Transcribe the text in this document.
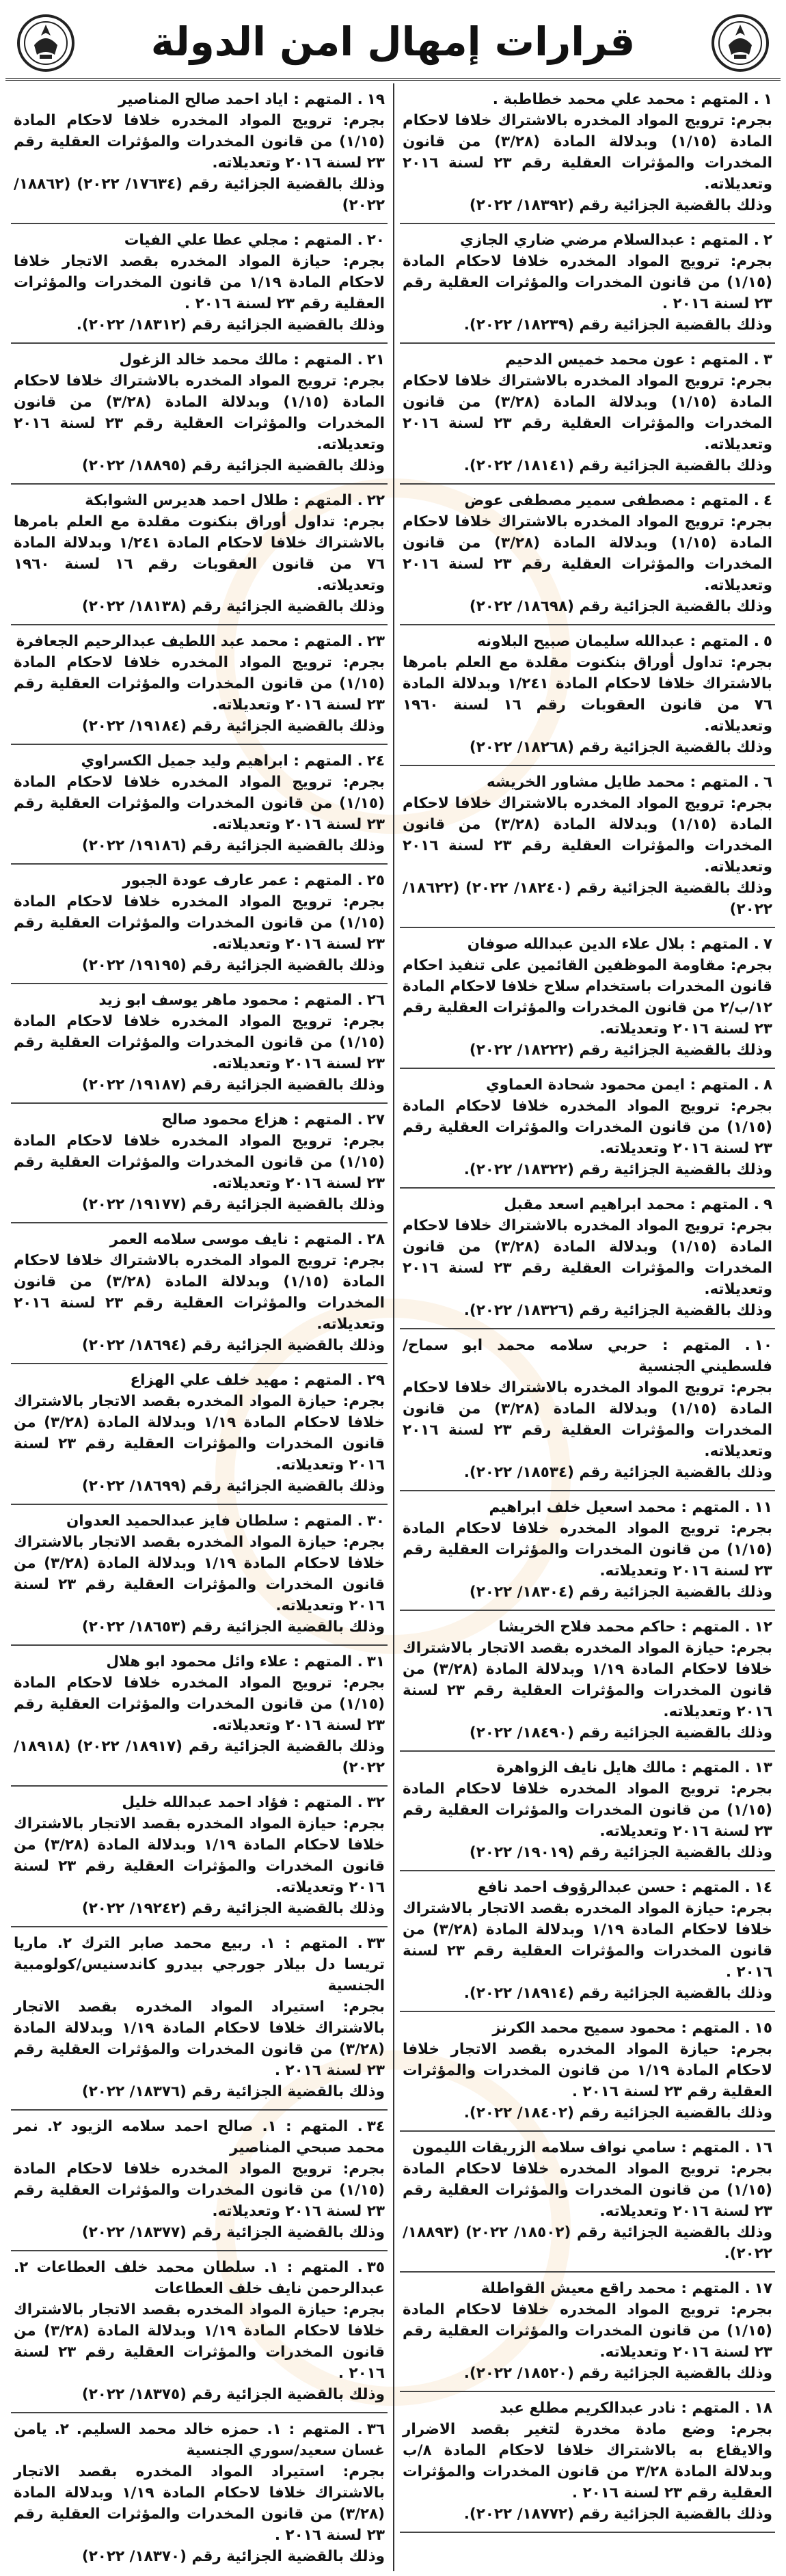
قرارات إمهال امن الدولة
١. المتهم : محمد علي محمد خطاطبة .
بجرم: ترويج المواد المخدره بالاشتراك خلافا لاحكام المادة (١/١٥) وبدلالة المادة (٣/٢٨) من قانون المخدرات والمؤثرات العقلية رقم ٢٣ لسنة ٢٠١٦ وتعديلاته.
وذلك بالقضية الجزائية رقم (١٨٣٩٢/ ٢٠٢٢)
٢. المتهم : عبدالسلام مرضي ضاري الجازي
بجرم: ترويج المواد المخدره خلافا لاحكام المادة (١/١٥) من قانون المخدرات والمؤثرات العقلية رقم ٢٣ لسنة ٢٠١٦ .
وذلك بالقضية الجزائية رقم (١٨٢٣٩/ ٢٠٢٢).
٣. المتهم : عون محمد خميس الدحيم
بجرم: ترويج المواد المخدره بالاشتراك خلافا لاحكام المادة (١/١٥) وبدلالة المادة (٣/٢٨) من قانون المخدرات والمؤثرات العقلية رقم ٢٣ لسنة ٢٠١٦ وتعديلاته.
وذلك بالقضية الجزائية رقم (١٨١٤١/ ٢٠٢٢).
٤. المتهم : مصطفى سمير مصطفى عوض
بجرم: ترويج المواد المخدره بالاشتراك خلافا لاحكام المادة (١/١٥) وبدلالة المادة (٣/٢٨) من قانون المخدرات والمؤثرات العقلية رقم ٢٣ لسنة ٢٠١٦ وتعديلاته.
وذلك بالقضية الجزائية رقم (١٨٦٩٨/ ٢٠٢٢)
٥. المتهم : عبدالله سليمان صبيح البلاونه
بجرم: تداول أوراق بنكنوت مقلدة مع العلم بامرها بالاشتراك خلافا لاحكام المادة ١/٢٤١ وبدلالة المادة ٧٦ من قانون العقوبات رقم ١٦ لسنة ١٩٦٠ وتعديلاته.
وذلك بالقضية الجزائية رقم (١٨٢٦٨/ ٢٠٢٢)
٦. المتهم : محمد طايل مشاور الخريشه
بجرم: ترويج المواد المخدره بالاشتراك خلافا لاحكام المادة (١/١٥) وبدلالة المادة (٣/٢٨) من قانون المخدرات والمؤثرات العقلية رقم ٢٣ لسنة ٢٠١٦ وتعديلاته.
وذلك بالقضية الجزائية رقم (١٨٢٤٠/ ٢٠٢٢) (١٨٦٢٢/ ٢٠٢٢)
٧. المتهم : بلال علاء الدين عبدالله صوفان
بجرم: مقاومة الموظفين القائمين على تنفيذ احكام قانون المخدرات باستخدام سلاح خلافا لاحكام المادة ١٢/ب/٢ من قانون المخدرات والمؤثرات العقلية رقم ٢٣ لسنة ٢٠١٦ وتعديلاته.
وذلك بالقضية الجزائية رقم (١٨٢٢٢/ ٢٠٢٢)
٨. المتهم : ايمن محمود شحادة العماوي
بجرم: ترويج المواد المخدره خلافا لاحكام المادة (١/١٥) من قانون المخدرات والمؤثرات العقلية رقم ٢٣ لسنة ٢٠١٦ وتعديلاته.
وذلك بالقضية الجزائية رقم (١٨٣٢٢/ ٢٠٢٢).
٩. المتهم : محمد ابراهيم اسعد مقبل
بجرم: ترويج المواد المخدره بالاشتراك خلافا لاحكام المادة (١/١٥) وبدلالة المادة (٣/٢٨) من قانون المخدرات والمؤثرات العقلية رقم ٢٣ لسنة ٢٠١٦ وتعديلاته.
وذلك بالقضية الجزائية رقم (١٨٣٢٦/ ٢٠٢٢).
١٠. المتهم : حربي سلامه محمد ابو سماح/فلسطيني الجنسية
بجرم: ترويج المواد المخدره بالاشتراك خلافا لاحكام المادة (١/١٥) وبدلالة المادة (٣/٢٨) من قانون المخدرات والمؤثرات العقلية رقم ٢٣ لسنة ٢٠١٦ وتعديلاته.
وذلك بالقضية الجزائية رقم (١٨٥٣٤/ ٢٠٢٢).
١١. المتهم : محمد اسعيل خلف ابراهيم
بجرم: ترويج المواد المخدره خلافا لاحكام المادة (١/١٥) من قانون المخدرات والمؤثرات العقلية رقم ٢٣ لسنة ٢٠١٦ وتعديلاته.
وذلك بالقضية الجزائية رقم (١٨٣٠٤/ ٢٠٢٢)
١٢. المتهم : حاكم محمد فلاح الخريشا
بجرم: حيازة المواد المخدره بقصد الاتجار بالاشتراك خلافا لاحكام المادة ١/١٩ وبدلالة المادة (٣/٢٨) من قانون المخدرات والمؤثرات العقلية رقم ٢٣ لسنة ٢٠١٦ وتعديلاته.
وذلك بالقضية الجزائية رقم (١٨٤٩٠/ ٢٠٢٢)
١٣. المتهم : مالك هايل نايف الزواهرة
بجرم: ترويج المواد المخدره خلافا لاحكام المادة (١/١٥) من قانون المخدرات والمؤثرات العقلية رقم ٢٣ لسنة ٢٠١٦ وتعديلاته.
وذلك بالقضية الجزائية رقم (١٩٠١٩/ ٢٠٢٢)
١٤. المتهم : حسن عبدالرؤوف احمد نافع
بجرم: حيازة المواد المخدره بقصد الاتجار بالاشتراك خلافا لاحكام المادة ١/١٩ وبدلالة المادة (٣/٢٨) من قانون المخدرات والمؤثرات العقلية رقم ٢٣ لسنة ٢٠١٦ .
وذلك بالقضية الجزائية رقم (١٨٩١٤/ ٢٠٢٢).
١٥. المتهم : محمود سميح محمد الكرنز
بجرم: حيازة المواد المخدره بقصد الاتجار خلافا لاحكام المادة ١/١٩ من قانون المخدرات والمؤثرات العقلية رقم ٢٣ لسنة ٢٠١٦ .
وذلك بالقضية الجزائية رقم (١٨٤٠٢/ ٢٠٢٢).
١٦. المتهم : سامي نواف سلامه الزريقات الليمون
بجرم: ترويج المواد المخدره خلافا لاحكام المادة (١/١٥) من قانون المخدرات والمؤثرات العقلية رقم ٢٣ لسنة ٢٠١٦ وتعديلاته.
وذلك بالقضية الجزائية رقم (١٨٥٠٢/ ٢٠٢٢) (١٨٨٩٣/ ٢٠٢٢).
١٧. المتهم : محمد راقع معيش القواطلة
بجرم: ترويج المواد المخدره خلافا لاحكام المادة (١/١٥) من قانون المخدرات والمؤثرات العقلية رقم ٢٣ لسنة ٢٠١٦ وتعديلاته.
وذلك بالقضية الجزائية رقم (١٨٥٢٠/ ٢٠٢٢).
١٨. المتهم : نادر عبدالكريم مطلع عبد
بجرم: وضع مادة مخدرة لتغير بقصد الاضرار والايقاع به بالاشتراك خلافا لاحكام المادة ٨/ب وبدلالة المادة ٣/٢٨ من قانون المخدرات والمؤثرات العقلية رقم ٢٣ لسنة ٢٠١٦ .
وذلك بالقضية الجزائية رقم (١٨٧٧٢/ ٢٠٢٢).
١٩. المتهم : اياد احمد صالح المناصير
بجرم: ترويج المواد المخدره خلافا لاحكام المادة (١/١٥) من قانون المخدرات والمؤثرات العقلية رقم ٢٣ لسنة ٢٠١٦ وتعديلاته.
وذلك بالقضية الجزائية رقم (١٧٦٣٤/ ٢٠٢٢) (١٨٨٦٢/ ٢٠٢٢)
٢٠. المتهم : مجلي عطا علي الفيات
بجرم: حيازة المواد المخدره بقصد الاتجار خلافا لاحكام المادة ١/١٩ من قانون المخدرات والمؤثرات العقلية رقم ٢٣ لسنة ٢٠١٦ .
وذلك بالقضية الجزائية رقم (١٨٣١٢/ ٢٠٢٢).
٢١. المتهم : مالك محمد خالد الزغول
بجرم: ترويج المواد المخدره بالاشتراك خلافا لاحكام المادة (١/١٥) وبدلالة المادة (٣/٢٨) من قانون المخدرات والمؤثرات العقلية رقم ٢٣ لسنة ٢٠١٦ وتعديلاته.
وذلك بالقضية الجزائية رقم (١٨٨٩٥/ ٢٠٢٢)
٢٢. المتهم : طلال احمد هديرس الشوابكة
بجرم: تداول أوراق بنكنوت مقلدة مع العلم بامرها بالاشتراك خلافا لاحكام المادة ١/٢٤١ وبدلالة المادة ٧٦ من قانون العقوبات رقم ١٦ لسنة ١٩٦٠ وتعديلاته.
وذلك بالقضية الجزائية رقم (١٨١٣٨/ ٢٠٢٢)
٢٣. المتهم : محمد عبد اللطيف عبدالرحيم الجعافرة
بجرم: ترويج المواد المخدره خلافا لاحكام المادة (١/١٥) من قانون المخدرات والمؤثرات العقلية رقم ٢٣ لسنة ٢٠١٦ وتعديلاته.
وذلك بالقضية الجزائية رقم (١٩١٨٤/ ٢٠٢٢)
٢٤. المتهم : ابراهيم وليد جميل الكسراوي
بجرم: ترويج المواد المخدره خلافا لاحكام المادة (١/١٥) من قانون المخدرات والمؤثرات العقلية رقم ٢٣ لسنة ٢٠١٦ وتعديلاته.
وذلك بالقضية الجزائية رقم (١٩١٨٦/ ٢٠٢٢)
٢٥. المتهم : عمر عارف عودة الجبور
بجرم: ترويج المواد المخدره خلافا لاحكام المادة (١/١٥) من قانون المخدرات والمؤثرات العقلية رقم ٢٣ لسنة ٢٠١٦ وتعديلاته.
وذلك بالقضية الجزائية رقم (١٩١٩٥/ ٢٠٢٢)
٢٦. المتهم : محمود ماهر يوسف ابو زيد
بجرم: ترويج المواد المخدره خلافا لاحكام المادة (١/١٥) من قانون المخدرات والمؤثرات العقلية رقم ٢٣ لسنة ٢٠١٦ وتعديلاته.
وذلك بالقضية الجزائية رقم (١٩١٨٧/ ٢٠٢٢)
٢٧. المتهم : هزاع محمود صالح
بجرم: ترويج المواد المخدره خلافا لاحكام المادة (١/١٥) من قانون المخدرات والمؤثرات العقلية رقم ٢٣ لسنة ٢٠١٦ وتعديلاته.
وذلك بالقضية الجزائية رقم (١٩١٧٧/ ٢٠٢٢)
٢٨. المتهم : نايف موسى سلامه العمر
بجرم: ترويج المواد المخدره بالاشتراك خلافا لاحكام المادة (١/١٥) وبدلالة المادة (٣/٢٨) من قانون المخدرات والمؤثرات العقلية رقم ٢٣ لسنة ٢٠١٦ وتعديلاته.
وذلك بالقضية الجزائية رقم (١٨٦٩٤/ ٢٠٢٢)
٢٩. المتهم : مهيد خلف علي الهزاع
بجرم: حيازة المواد المخدره بقصد الاتجار بالاشتراك خلافا لاحكام المادة ١/١٩ وبدلالة المادة (٣/٢٨) من قانون المخدرات والمؤثرات العقلية رقم ٢٣ لسنة ٢٠١٦ وتعديلاته.
وذلك بالقضية الجزائية رقم (١٨٦٩٩/ ٢٠٢٢)
٣٠. المتهم : سلطان فايز عبدالحميد العدوان
بجرم: حيازة المواد المخدره بقصد الاتجار بالاشتراك خلافا لاحكام المادة ١/١٩ وبدلالة المادة (٣/٢٨) من قانون المخدرات والمؤثرات العقلية رقم ٢٣ لسنة ٢٠١٦ وتعديلاته.
وذلك بالقضية الجزائية رقم (١٨٦٥٣/ ٢٠٢٢)
٣١. المتهم : علاء وائل محمود ابو هلال
بجرم: ترويج المواد المخدره خلافا لاحكام المادة (١/١٥) من قانون المخدرات والمؤثرات العقلية رقم ٢٣ لسنة ٢٠١٦ وتعديلاته.
وذلك بالقضية الجزائية رقم (١٨٩١٧/ ٢٠٢٢) (١٨٩١٨/ ٢٠٢٢)
٣٢. المتهم : فؤاد احمد عبدالله خليل
بجرم: حيازة المواد المخدره بقصد الاتجار بالاشتراك خلافا لاحكام المادة ١/١٩ وبدلالة المادة (٣/٢٨) من قانون المخدرات والمؤثرات العقلية رقم ٢٣ لسنة ٢٠١٦ وتعديلاته.
وذلك بالقضية الجزائية رقم (١٩٢٤٢/ ٢٠٢٢)
٣٣. المتهم : ١. ربيع محمد صابر الترك ٢. ماريا تريسا دل بيلار جورجي بيدرو كاندسنيس/كولومبية الجنسية
بجرم: استيراد المواد المخدره بقصد الاتجار بالاشتراك خلافا لاحكام المادة ١/١٩ وبدلالة المادة (٣/٢٨) من قانون المخدرات والمؤثرات العقلية رقم ٢٣ لسنة ٢٠١٦ .
وذلك بالقضية الجزائية رقم (١٨٣٧٦/ ٢٠٢٢)
٣٤. المتهم : ١. صالح احمد سلامه الزيود ٢. نمر محمد صبحي المناصير
بجرم: ترويج المواد المخدره خلافا لاحكام المادة (١/١٥) من قانون المخدرات والمؤثرات العقلية رقم ٢٣ لسنة ٢٠١٦ وتعديلاته.
وذلك بالقضية الجزائية رقم (١٨٣٧٧/ ٢٠٢٢)
٣٥. المتهم : ١. سلطان محمد خلف العطاعات ٢. عبدالرحمن نايف خلف العطاعات
بجرم: حيازة المواد المخدره بقصد الاتجار بالاشتراك خلافا لاحكام المادة ١/١٩ وبدلالة المادة (٣/٢٨) من قانون المخدرات والمؤثرات العقلية رقم ٢٣ لسنة ٢٠١٦ .
وذلك بالقضية الجزائية رقم (١٨٣٧٥/ ٢٠٢٢)
٣٦. المتهم : ١. حمزه خالد محمد السليم. ٢. يامن غسان سعيد/سوري الجنسية
بجرم: استيراد المواد المخدره بقصد الاتجار بالاشتراك خلافا لاحكام المادة ١/١٩ وبدلالة المادة (٣/٢٨) من قانون المخدرات والمؤثرات العقلية رقم ٢٣ لسنة ٢٠١٦ .
وذلك بالقضية الجزائية رقم (١٨٣٧٠/ ٢٠٢٢)
